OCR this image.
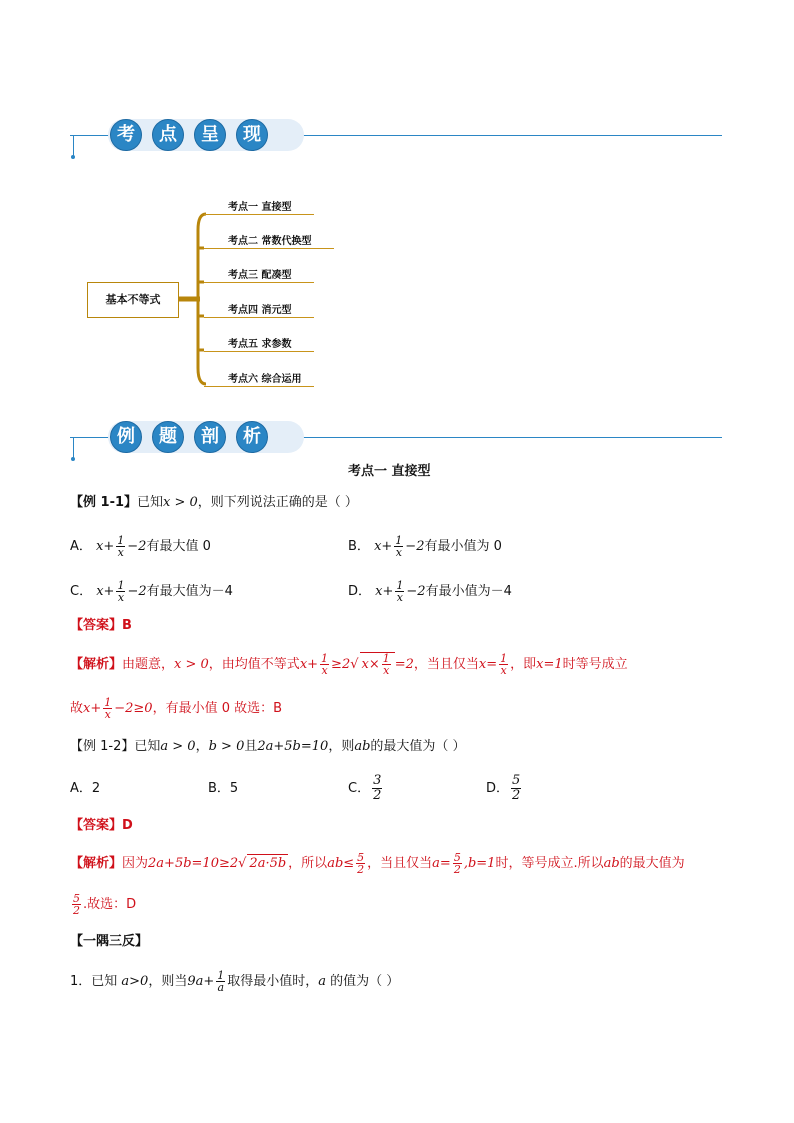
考	点	呈	现
基本不等式
考点一 直接型
考点二 常数代换型
考点三 配凑型
考点四 消元型
考点五 求参数
考点六 综合运用
例	题	剖	析
考点一 直接型
【例 1-1】已知x > 0，则下列说法正确的是（ ）
A． $x+ \frac{1}{x} -2$有最大值 0	B． $x+ \frac{1}{x} -2$有最小值为 0
C． $x+ \frac{1}{x} -2$有最大值为－4	D． $x+ \frac{1}{x} -2$有最小值为－4
【答案】B
【解析】由题意，x > 0，由均值不等式$x+ \frac{1}{x} \ge 2√$ $x\times \frac{1}{x} =2$，当且仅当$x= \frac{1}{x}$ ，即x=1时等号成立
故$x+ \frac{1}{x} -2\ge 0$，有最小值 0 故选：B
【例 1-2】已知a > 0，b > 0且2a+5b=10，则ab的最大值为（ ）
A．2	B．5	C． $\frac{3}{2}$	D． $\frac{5}{2}$
【答案】D
【解析】因为2a+5b=10≥2√ 2a·5b ，所以$ab\le \frac{5}{2}$ ，当且仅当$a= \frac{5}{2} ,b=1$时，等号成立.所以ab的最大值为
$\frac{5}{2}$ .故选：D
【一隅三反】
1．已知 a>0，则当$9a+ \frac{1}{a}$ 取得最小值时，a 的值为（ ）
